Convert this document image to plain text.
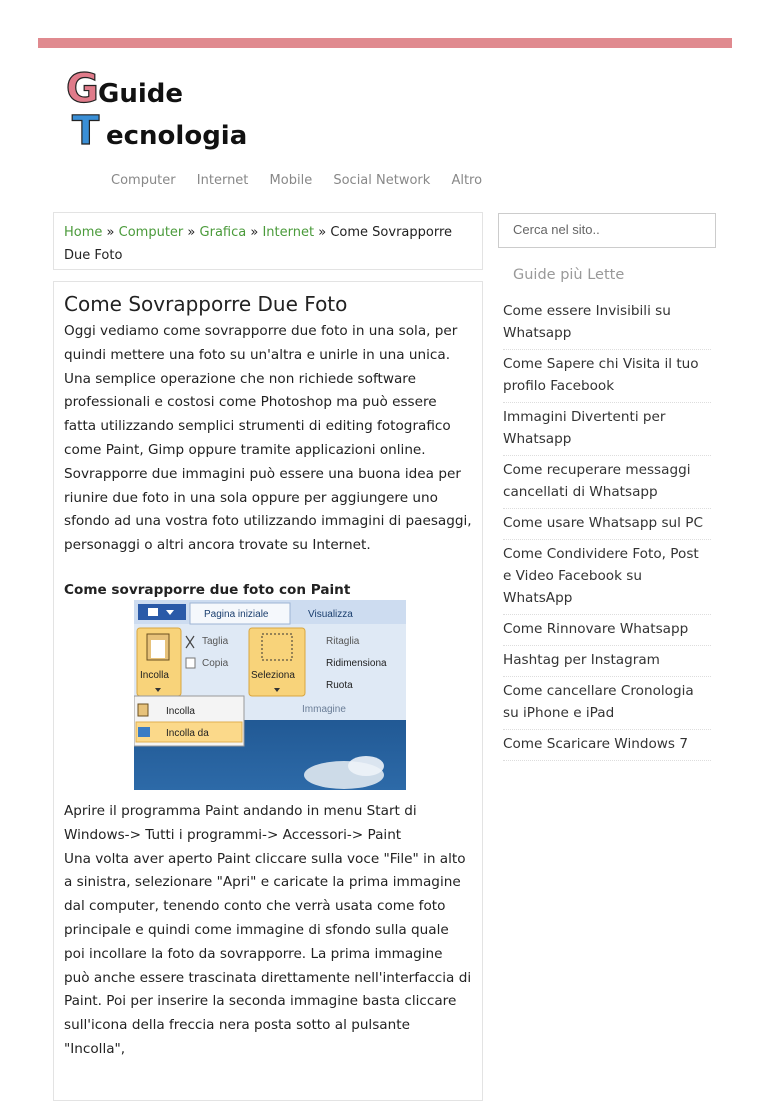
G Guide
T ecnologia
Computer Internet Mobile Social Network Altro
Home » Computer » Grafica » Internet » Come Sovrapporre Due Foto
Come Sovrapporre Due Foto

Oggi vediamo come sovrapporre due foto in una sola, per quindi mettere una foto su un'altra e unirle in una unica. Una semplice operazione che non richiede software professionali e costosi come Photoshop ma può essere fatta utilizzando semplici strumenti di editing fotografico come Paint, Gimp oppure tramite applicazioni online.

Sovrapporre due immagini può essere una buona idea per riunire due foto in una sola oppure per aggiungere uno sfondo ad una vostra foto utilizzando immagini di paesaggi, personaggi o altri ancora trovate su Internet.

Come sovrapporre due foto con Paint
Pagina iniziale	Visualizza
Incolla
Taglia
Copia
Seleziona
Ritaglia
Ridimensiona
Ruota
Immagine
Incolla
Incolla da

Aprire il programma Paint andando in menu Start di Windows-> Tutti i programmi-> Accessori-> Paint

Una volta aver aperto Paint cliccare sulla voce "File" in alto a sinistra, selezionare "Apri" e caricate la prima immagine dal computer, tenendo conto che verrà usata come foto principale e quindi come immagine di sfondo sulla quale poi incollare la foto da sovrapporre. La prima immagine può anche essere trascinata direttamente nell'interfaccia di Paint. Poi per inserire la seconda immagine basta cliccare sull'icona della freccia nera posta sotto al pulsante "Incolla",

Cerca nel sito..
Guide più Lette
Come essere Invisibili su Whatsapp
Come Sapere chi Visita il tuo profilo Facebook
Immagini Divertenti per Whatsapp
Come recuperare messaggi cancellati di Whatsapp
Come usare Whatsapp sul PC
Come Condividere Foto, Post e Video Facebook su WhatsApp
Come Rinnovare Whatsapp
Hashtag per Instagram
Come cancellare Cronologia su iPhone e iPad
Come Scaricare Windows 7
